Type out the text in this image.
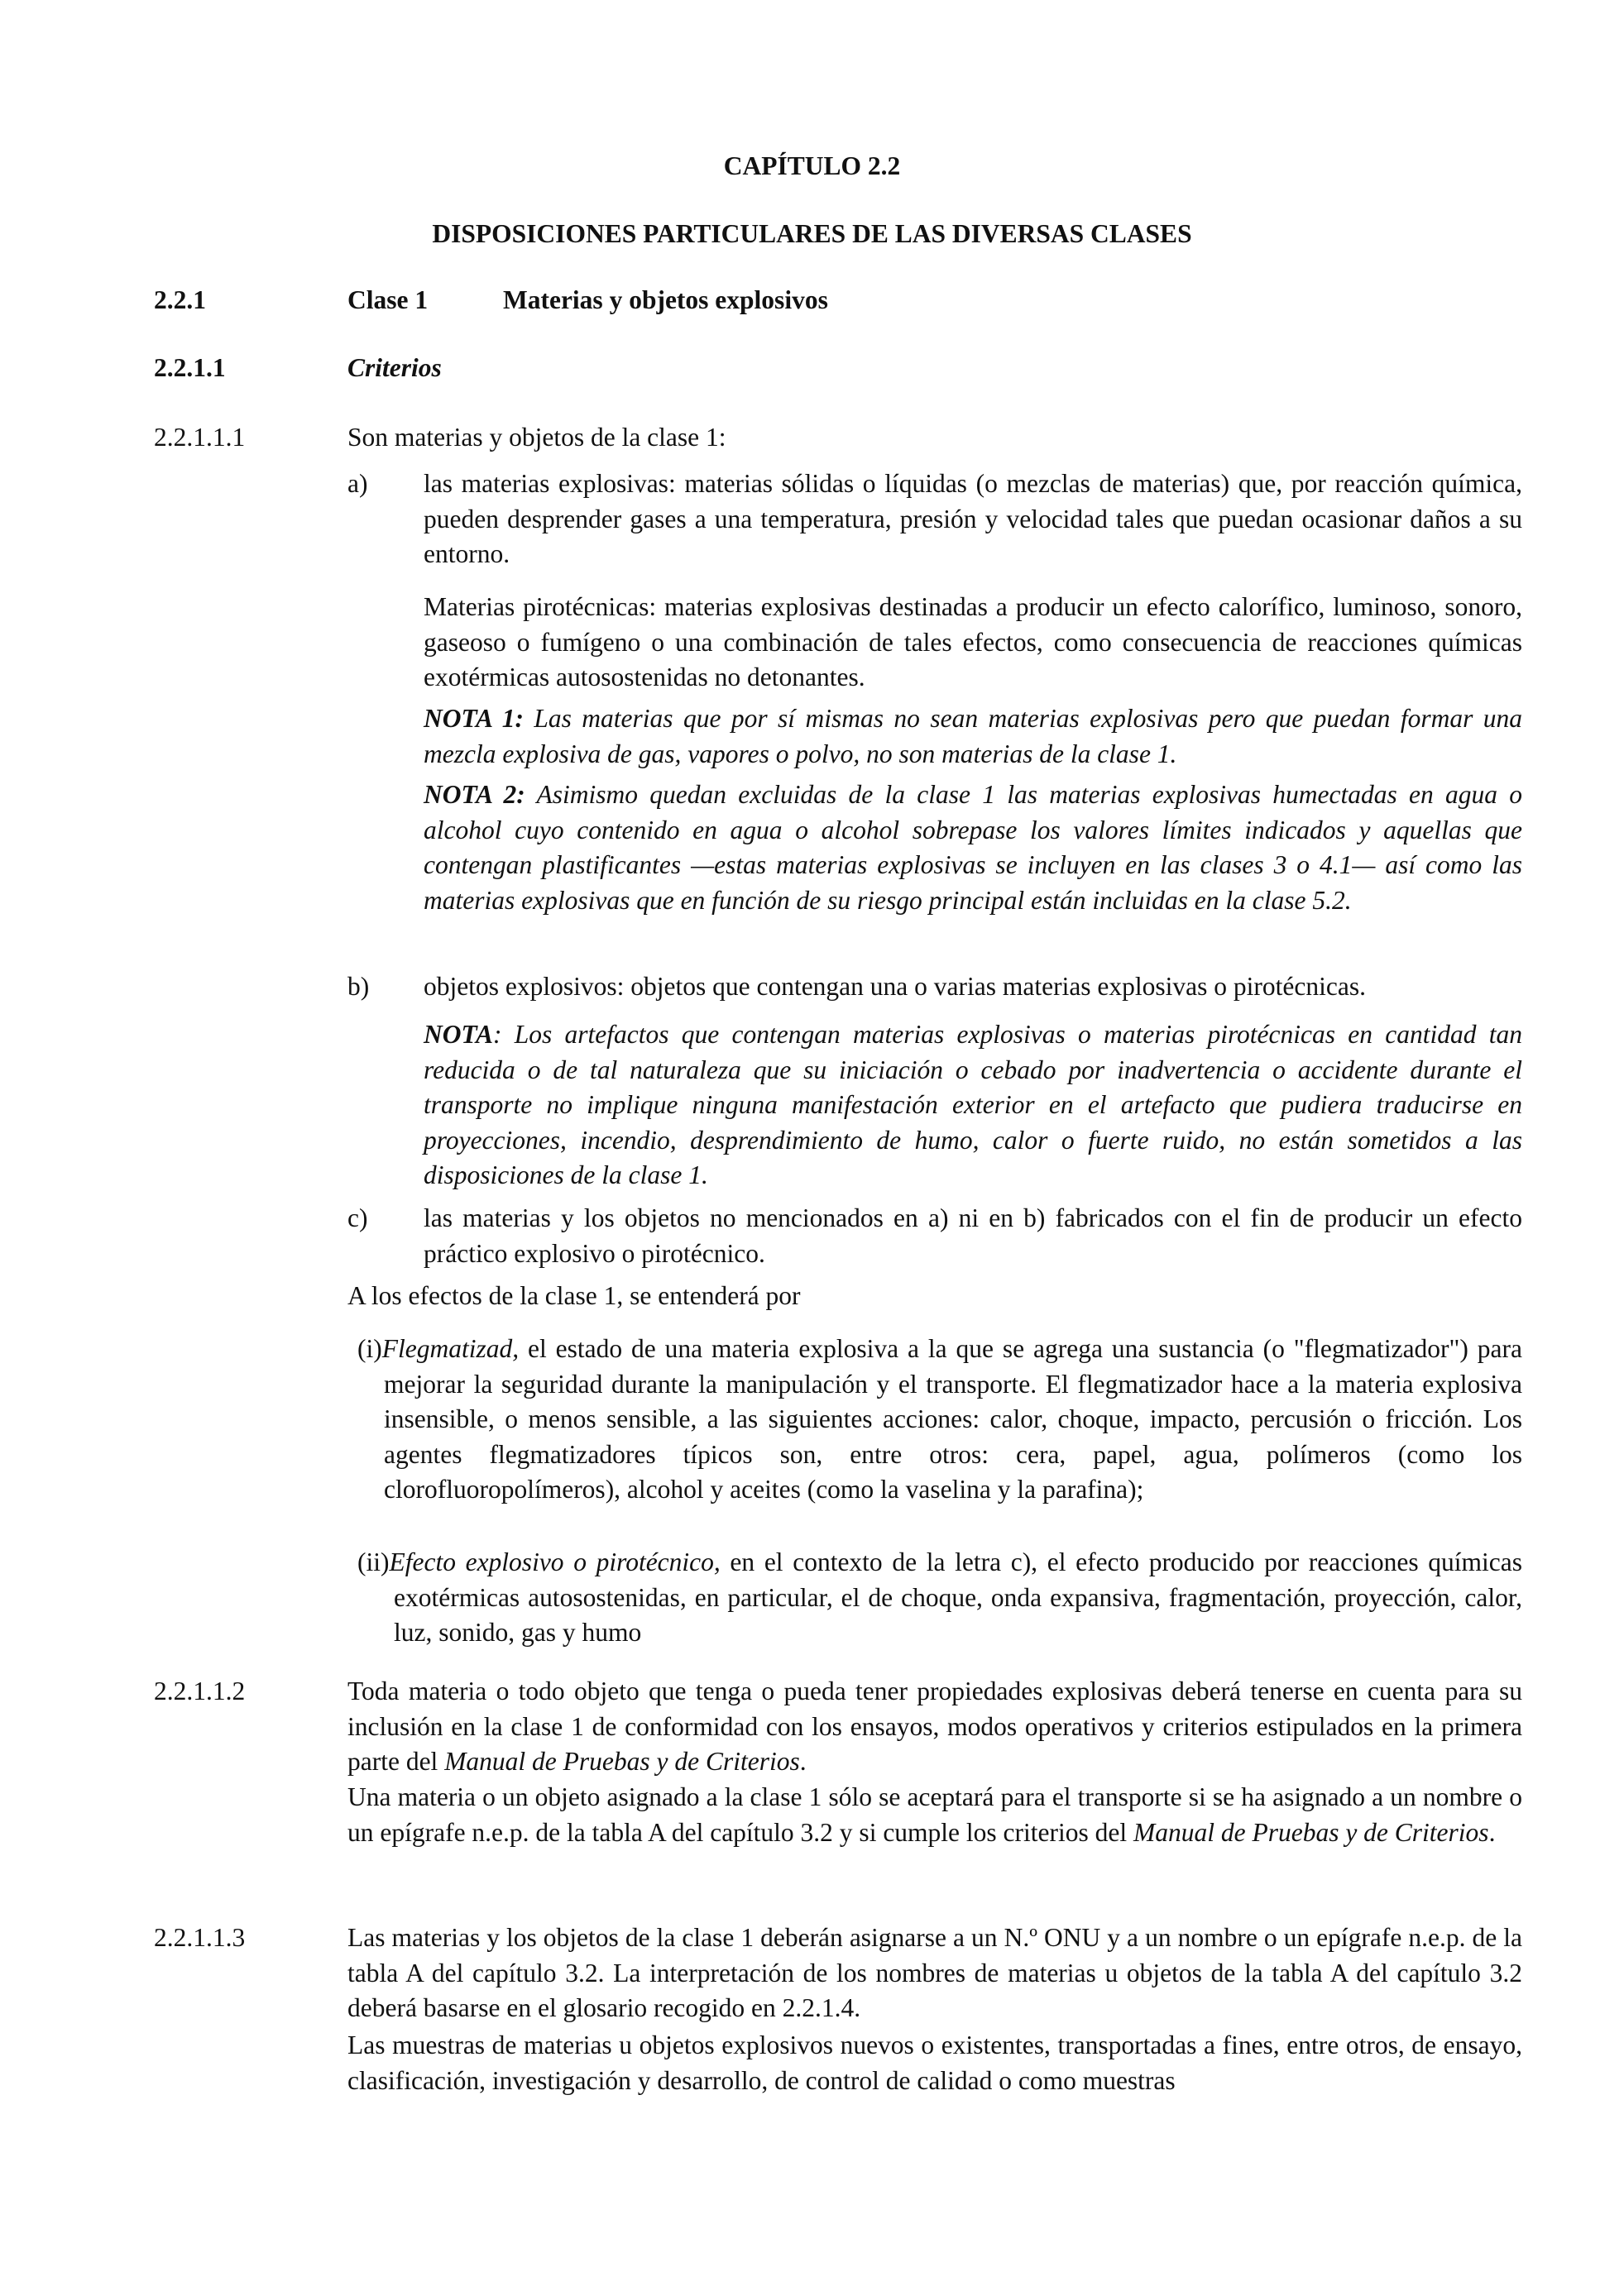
CAPÍTULO 2.2
DISPOSICIONES PARTICULARES DE LAS DIVERSAS CLASES
2.2.1	Clase 1	Materias y objetos explosivos
2.2.1.1	Criterios
2.2.1.1.1	Son materias y objetos de la clase 1:
a) las materias explosivas: materias sólidas o líquidas (o mezclas de materias) que, por reacción química, pueden desprender gases a una temperatura, presión y velocidad tales que puedan ocasionar daños a su entorno.
Materias pirotécnicas: materias explosivas destinadas a producir un efecto calorífico, luminoso, sonoro, gaseoso o fumígeno o una combinación de tales efectos, como consecuencia de reacciones químicas exotérmicas autosostenidas no detonantes.
NOTA 1: Las materias que por sí mismas no sean materias explosivas pero que puedan formar una mezcla explosiva de gas, vapores o polvo, no son materias de la clase 1.
NOTA 2: Asimismo quedan excluidas de la clase 1 las materias explosivas humectadas en agua o alcohol cuyo contenido en agua o alcohol sobrepase los valores límites indicados y aquellas que contengan plastificantes —estas materias explosivas se incluyen en las clases 3 o 4.1— así como las materias explosivas que en función de su riesgo principal están incluidas en la clase 5.2.
b) objetos explosivos: objetos que contengan una o varias materias explosivas o pirotécnicas.
NOTA: Los artefactos que contengan materias explosivas o materias pirotécnicas en cantidad tan reducida o de tal naturaleza que su iniciación o cebado por inadvertencia o accidente durante el transporte no implique ninguna manifestación exterior en el artefacto que pudiera traducirse en proyecciones, incendio, desprendimiento de humo, calor o fuerte ruido, no están sometidos a las disposiciones de la clase 1.
c) las materias y los objetos no mencionados en a) ni en b) fabricados con el fin de producir un efecto práctico explosivo o pirotécnico.
A los efectos de la clase 1, se entenderá por
(i)Flegmatizad, el estado de una materia explosiva a la que se agrega una sustancia (o "flegmatizador") para mejorar la seguridad durante la manipulación y el transporte. El flegmatizador hace a la materia explosiva insensible, o menos sensible, a las siguientes acciones: calor, choque, impacto, percusión o fricción. Los agentes flegmatizadores típicos son, entre otros: cera, papel, agua, polímeros (como los clorofluoropolímeros), alcohol y aceites (como la vaselina y la parafina);
(ii)Efecto explosivo o pirotécnico, en el contexto de la letra c), el efecto producido por reacciones químicas exotérmicas autosostenidas, en particular, el de choque, onda expansiva, fragmentación, proyección, calor, luz, sonido, gas y humo
2.2.1.1.2	Toda materia o todo objeto que tenga o pueda tener propiedades explosivas deberá tenerse en cuenta para su inclusión en la clase 1 de conformidad con los ensayos, modos operativos y criterios estipulados en la primera parte del Manual de Pruebas y de Criterios.
Una materia o un objeto asignado a la clase 1 sólo se aceptará para el transporte si se ha asignado a un nombre o un epígrafe n.e.p. de la tabla A del capítulo 3.2 y si cumple los criterios del Manual de Pruebas y de Criterios.
2.2.1.1.3	Las materias y los objetos de la clase 1 deberán asignarse a un N.º ONU y a un nombre o un epígrafe n.e.p. de la tabla A del capítulo 3.2. La interpretación de los nombres de materias u objetos de la tabla A del capítulo 3.2 deberá basarse en el glosario recogido en 2.2.1.4.
Las muestras de materias u objetos explosivos nuevos o existentes, transportadas a fines, entre otros, de ensayo, clasificación, investigación y desarrollo, de control de calidad o como muestras
